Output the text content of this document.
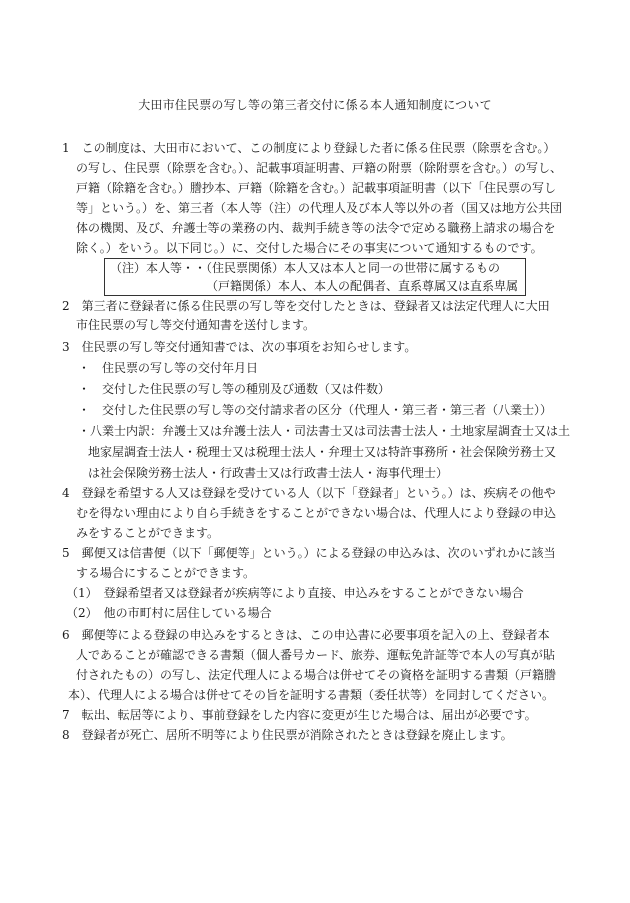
大田市住民票の写し等の第三者交付に係る本人通知制度について
1　この制度は、大田市において、この制度により登録した者に係る住民票（除票を含む。）
の写し、住民票（除票を含む。）、記載事項証明書、戸籍の附票（除附票を含む。）の写し、
戸籍（除籍を含む。）謄抄本、戸籍（除籍を含む。）記載事項証明書（以下「住民票の写し
等」という。）を、第三者（本人等（注）の代理人及び本人等以外の者（国又は地方公共団
体の機関、及び、弁護士等の業務の内、裁判手続き等の法令で定める職務上請求の場合を
除く。）をいう。以下同じ。）に、交付した場合にその事実について通知するものです。
（注）本人等・・（住民票関係）本人又は本人と同一の世帯に属するもの
（戸籍関係）本人、本人の配偶者、直系尊属又は直系卑属
2　第三者に登録者に係る住民票の写し等を交付したときは、登録者又は法定代理人に大田
市住民票の写し等交付通知書を送付します。
3　住民票の写し等交付通知書では、次の事項をお知らせします。
・　住民票の写し等の交付年月日
・　交付した住民票の写し等の種別及び通数（又は件数）
・　交付した住民票の写し等の交付請求者の区分（代理人・第三者・第三者（八業士））
・八業士内訳：弁護士又は弁護士法人・司法書士又は司法書士法人・土地家屋調査士又は土
地家屋調査士法人・税理士又は税理士法人・弁理士又は特許事務所・社会保険労務士又
は社会保険労務士法人・行政書士又は行政書士法人・海事代理士）
4　登録を希望する人又は登録を受けている人（以下「登録者」という。）は、疾病その他や
むを得ない理由により自ら手続きをすることができない場合は、代理人により登録の申込
みをすることができます。
5　郵便又は信書便（以下「郵便等」という。）による登録の申込みは、次のいずれかに該当
する場合にすることができます。
（1）　登録希望者又は登録者が疾病等により直接、申込みをすることができない場合
（2）　他の市町村に居住している場合
6　郵便等による登録の申込みをするときは、この申込書に必要事項を記入の上、登録者本
人であることが確認できる書類（個人番号カード、旅券、運転免許証等で本人の写真が貼
付されたもの）の写し、法定代理人による場合は併せてその資格を証明する書類（戸籍謄
本）、代理人による場合は併せてその旨を証明する書類（委任状等）を同封してください。
7　転出、転居等により、事前登録をした内容に変更が生じた場合は、届出が必要です。
8　登録者が死亡、居所不明等により住民票が消除されたときは登録を廃止します。
